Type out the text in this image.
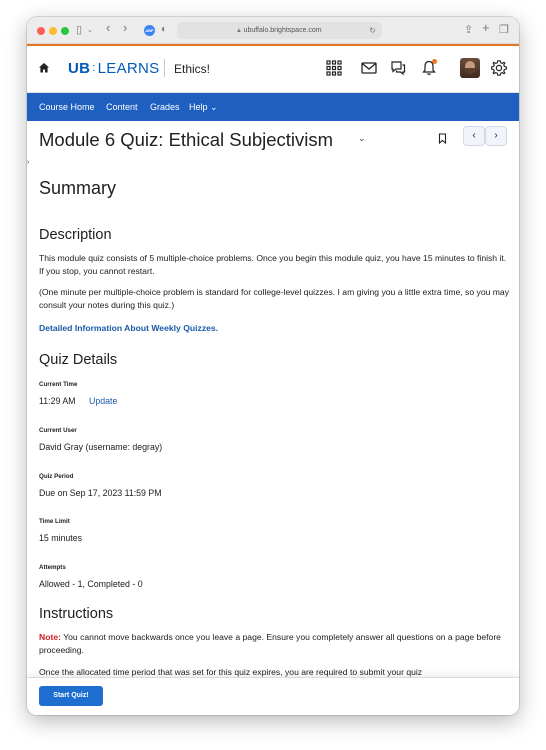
▯ ⌄ ‹ ›	ABP ◐	🔒︎ ubuffalo.brightspace.com	↻	⇪ + ❐
UB : LEARNS Ethics!
Course Home Content Grades Help ⌄
›
Module 6 Quiz: Ethical Subjectivism	⌄	‹	›
Summary
Description
This module quiz consists of 5 multiple-choice problems. Once you begin this module quiz, you have 15 minutes to finish it. If you stop, you cannot restart.
(One minute per multiple-choice problem is standard for college-level quizzes. I am giving you a little extra time, so you may consult your notes during this quiz.)
Detailed Information About Weekly Quizzes.
Quiz Details
Current Time
11:29 AM Update
Current User
David Gray (username: degray)
Quiz Period
Due on Sep 17, 2023 11:59 PM
Time Limit
15 minutes
Attempts
Allowed - 1, Completed - 0
Instructions
Note: You cannot move backwards once you leave a page. Ensure you completely answer all questions on a page before proceeding.
Once the allocated time period that was set for this quiz expires, you are required to submit your quiz
Start Quiz!
